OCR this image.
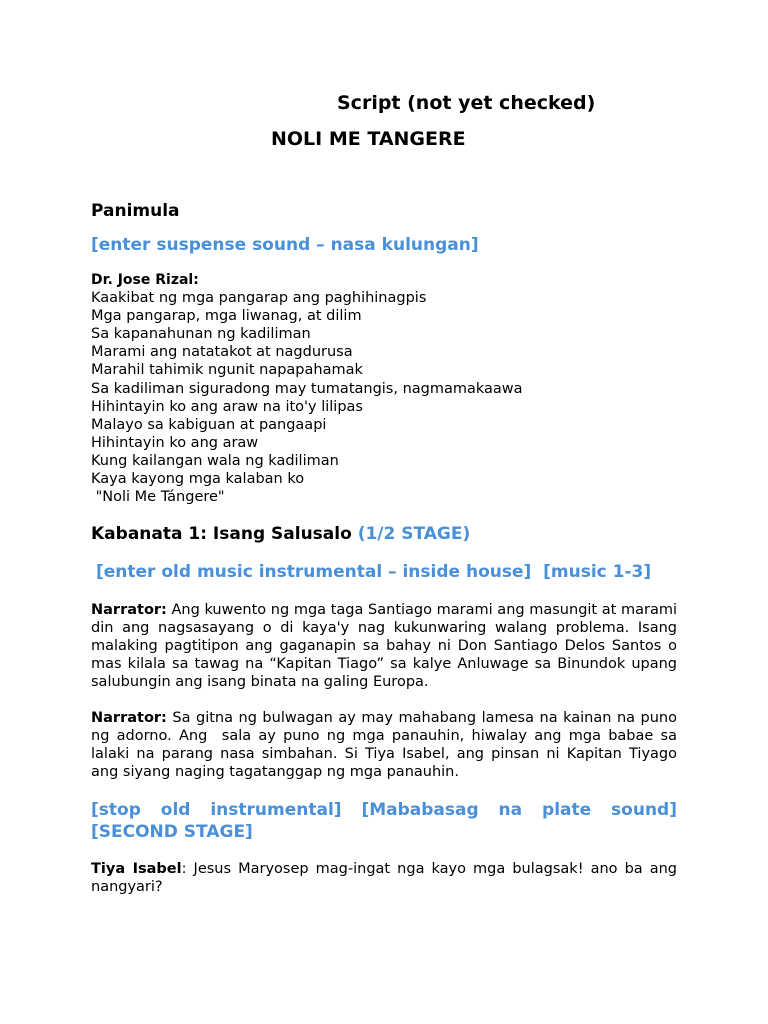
Script (not yet checked)
NOLI ME TANGERE
Panimula
[enter suspense sound – nasa kulungan]
Dr. Jose Rizal:
Kaakibat ng mga pangarap ang paghihinagpis
Mga pangarap, mga liwanag, at dilim
Sa kapanahunan ng kadiliman
Marami ang natatakot at nagdurusa
Marahil tahimik ngunit napapahamak
Sa kadiliman siguradong may tumatangis, nagmamakaawa
Hihintayin ko ang araw na ito'y lilipas
Malayo sa kabiguan at pangaapi
Hihintayin ko ang araw
Kung kailangan wala ng kadiliman
Kaya kayong mga kalaban ko
"Noli Me Tángere"
Kabanata 1: Isang Salusalo (1/2 STAGE)
[enter old music instrumental – inside house]  [music 1-3]
Narrator: Ang kuwento ng mga taga Santiago marami ang masungit at marami din ang nagsasayang o di kaya'y nag kukunwaring walang problema. Isang malaking pagtitipon ang gaganapin sa bahay ni Don Santiago Delos Santos o mas kilala sa tawag na “Kapitan Tiago” sa kalye Anluwage sa Binundok upang salubungin ang isang binata na galing Europa.
Narrator: Sa gitna ng bulwagan ay may mahabang lamesa na kainan na puno ng adorno. Ang  sala ay puno ng mga panauhin, hiwalay ang mga babae sa lalaki na parang nasa simbahan. Si Tiya Isabel, ang pinsan ni Kapitan Tiyago ang siyang naging tagatanggap ng mga panauhin.
[stop old instrumental] [Mababasag na plate sound]
[SECOND STAGE]
Tiya Isabel: Jesus Maryosep mag-ingat nga kayo mga bulagsak! ano ba ang nangyari?
